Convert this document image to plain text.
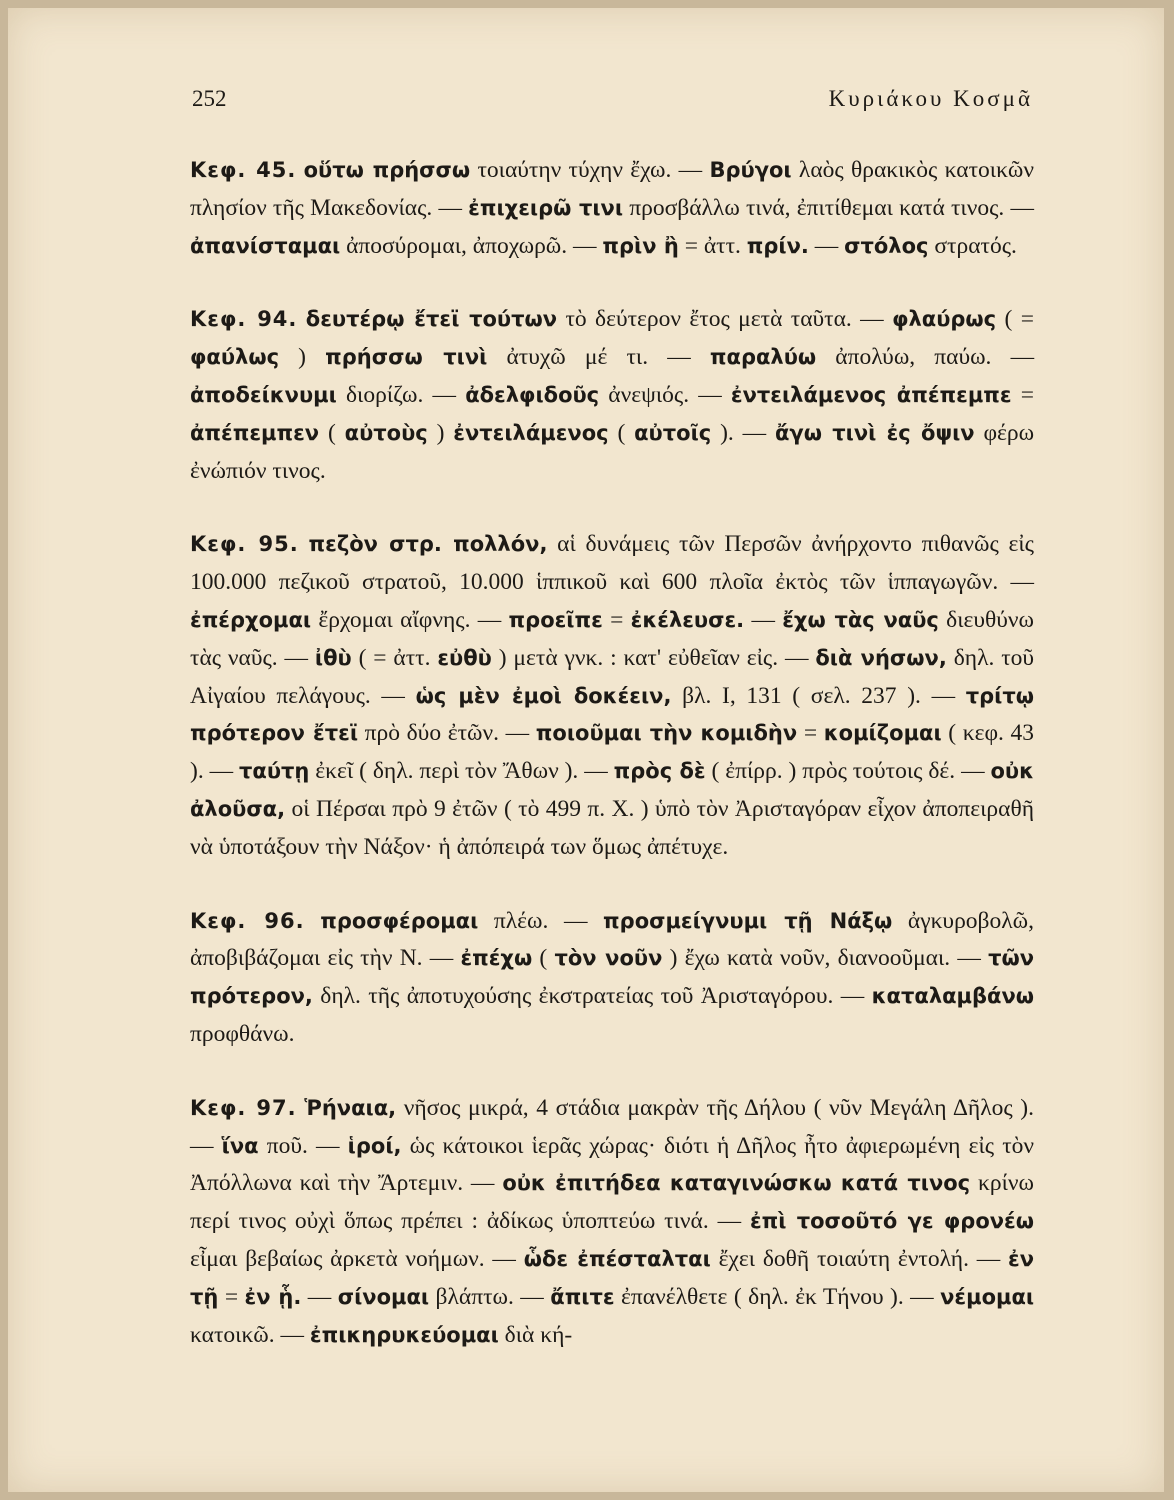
252	Κυριάκου Κοσμᾶ

Κεφ. 45. οὕτω πρήσσω τοιαύτην τύχην ἔχω. — Βρύγοι λαὸς θρακικὸς κατοικῶν πλησίον τῆς Μακεδονίας. — ἐπιχειρῶ τινι προσβάλλω τινά, ἐπιτίθεμαι κατά τινος. — ἀπανίσταμαι ἀποσύρομαι, ἀποχωρῶ. — πρὶν ἢ = ἀττ. πρίν. — στόλος στρατός.

Κεφ. 94. δευτέρῳ ἔτεϊ τούτων τὸ δεύτερον ἔτος μετὰ ταῦτα. — φλαύρως ( = φαύλως ) πρήσσω τινὶ ἀτυχῶ μέ τι. — παραλύω ἀπολύω, παύω. — ἀποδείκνυμι διορίζω. — ἀδελφιδοῦς ἀνεψιός. — ἐντειλάμενος ἀπέπεμπε = ἀπέπεμπεν ( αὐτοὺς ) ἐντειλάμενος ( αὐτοῖς ). — ἄγω τινὶ ἐς ὄψιν φέρω ἐνώπιόν τινος.

Κεφ. 95. πεζὸν στρ. πολλόν, αἱ δυνάμεις τῶν Περσῶν ἀνήρχοντο πιθανῶς εἰς 100.000 πεζικοῦ στρατοῦ, 10.000 ἱππικοῦ καὶ 600 πλοῖα ἐκτὸς τῶν ἱππαγωγῶν. — ἐπέρχομαι ἔρχομαι αἴφνης. — προεῖπε = ἐκέλευσε. — ἔχω τὰς ναῦς διευθύνω τὰς ναῦς. — ἰθὺ ( = ἀττ. εὐθὺ ) μετὰ γνκ. : κατ' εὐθεῖαν εἰς. — διὰ νήσων, δηλ. τοῦ Αἰγαίου πελάγους. — ὡς μὲν ἐμοὶ δοκέειν, βλ. I, 131 ( σελ. 237 ). — τρίτῳ πρότερον ἔτεϊ πρὸ δύο ἐτῶν. — ποιοῦμαι τὴν κομιδὴν = κομίζομαι ( κεφ. 43 ). — ταύτῃ ἐκεῖ ( δηλ. περὶ τὸν Ἄθων ). — πρὸς δὲ ( ἐπίρρ. ) πρὸς τούτοις δέ. — οὐκ ἀλοῦσα, οἱ Πέρσαι πρὸ 9 ἐτῶν ( τὸ 499 π. Χ. ) ὑπὸ τὸν Ἀρισταγόραν εἶχον ἀποπειραθῆ νὰ ὑποτάξουν τὴν Νάξον· ἡ ἀπόπειρά των ὅμως ἀπέτυχε.

Κεφ. 96. προσφέρομαι πλέω. — προσμείγνυμι τῇ Νάξῳ ἀγκυροβολῶ, ἀποβιβάζομαι εἰς τὴν Ν. — ἐπέχω ( τὸν νοῦν ) ἔχω κατὰ νοῦν, διανοοῦμαι. — τῶν πρότερον, δηλ. τῆς ἀποτυχούσης ἐκστρατείας τοῦ Ἀρισταγόρου. — καταλαμβάνω προφθάνω.

Κεφ. 97. Ῥήναια, νῆσος μικρά, 4 στάδια μακρὰν τῆς Δήλου ( νῦν Μεγάλη Δῆλος ). — ἵνα ποῦ. — ἱροί, ὡς κάτοικοι ἱερᾶς χώρας· διότι ἡ Δῆλος ἦτο ἀφιερωμένη εἰς τὸν Ἀπόλλωνα καὶ τὴν Ἄρτεμιν. — οὐκ ἐπιτήδεα καταγινώσκω κατά τινος κρίνω περί τινος οὐχὶ ὅπως πρέπει : ἀδίκως ὑποπτεύω τινά. — ἐπὶ τοσοῦτό γε φρονέω εἶμαι βεβαίως ἀρκετὰ νοήμων. — ὧδε ἐπέσταλται ἔχει δοθῆ τοιαύτη ἐντολή. — ἐν τῇ = ἐν ᾗ. — σίνομαι βλάπτω. — ἄπιτε ἐπανέλθετε ( δηλ. ἐκ Τήνου ). — νέμομαι κατοικῶ. — ἐπικηρυκεύομαι διὰ κή-
